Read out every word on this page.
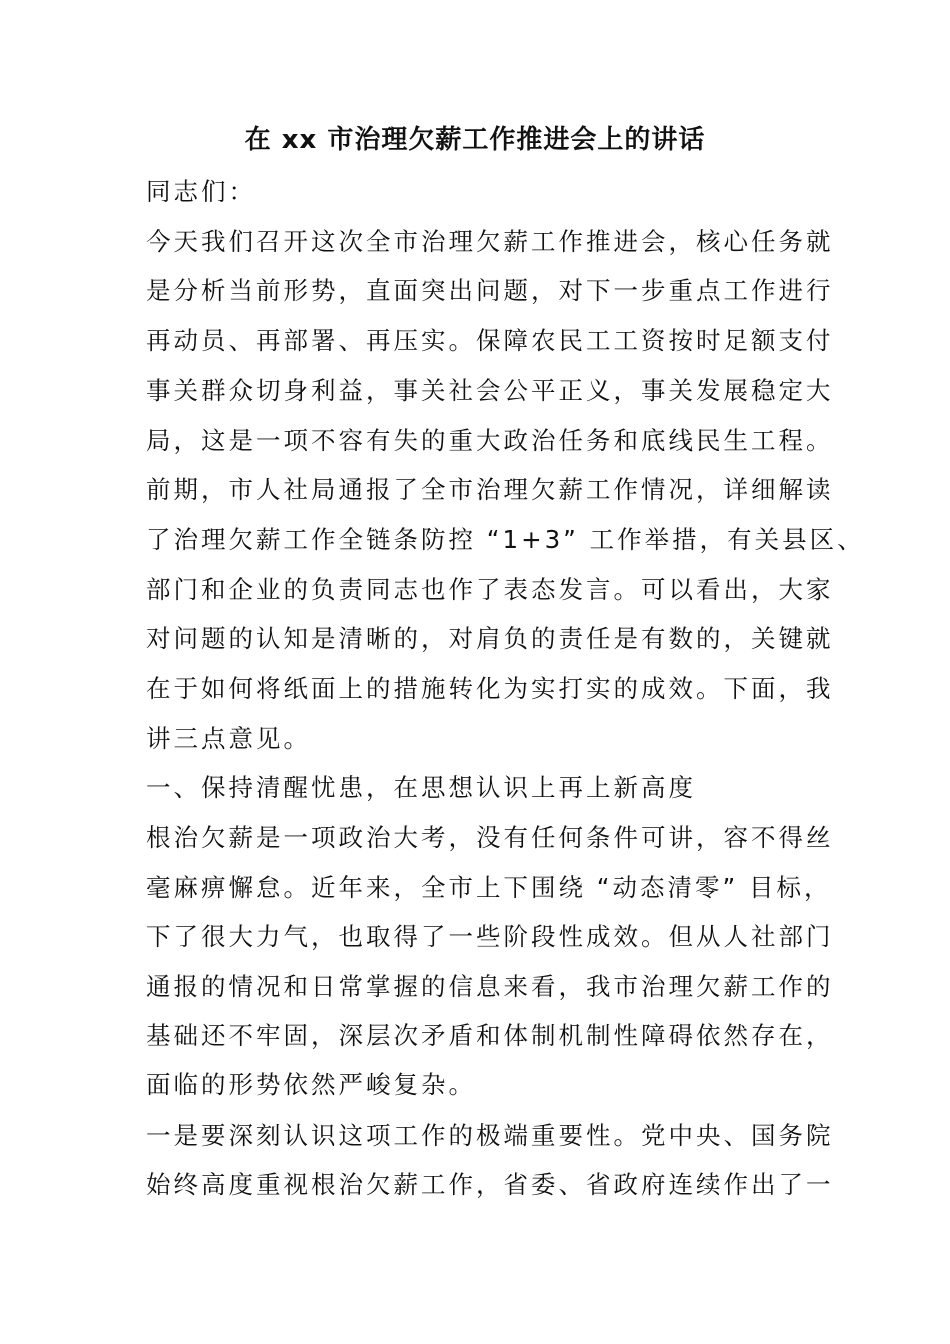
在 xx 市治理欠薪工作推进会上的讲话
同志们：
今天我们召开这次全市治理欠薪工作推进会，核心任务就
是分析当前形势，直面突出问题，对下一步重点工作进行
再动员、再部署、再压实。保障农民工工资按时足额支付
事关群众切身利益，事关社会公平正义，事关发展稳定大
局，这是一项不容有失的重大政治任务和底线民生工程。
前期，市人社局通报了全市治理欠薪工作情况，详细解读
了治理欠薪工作全链条防控 “1+3” 工作举措，有关县区、
部门和企业的负责同志也作了表态发言。可以看出，大家
对问题的认知是清晰的，对肩负的责任是有数的，关键就
在于如何将纸面上的措施转化为实打实的成效。下面，我
讲三点意见。
一、保持清醒忧患，在思想认识上再上新高度
根治欠薪是一项政治大考，没有任何条件可讲，容不得丝
毫麻痹懈怠。近年来，全市上下围绕 “动态清零” 目标，
下了很大力气，也取得了一些阶段性成效。但从人社部门
通报的情况和日常掌握的信息来看，我市治理欠薪工作的
基础还不牢固，深层次矛盾和体制机制性障碍依然存在，
面临的形势依然严峻复杂。
一是要深刻认识这项工作的极端重要性。党中央、国务院
始终高度重视根治欠薪工作，省委、省政府连续作出了一
